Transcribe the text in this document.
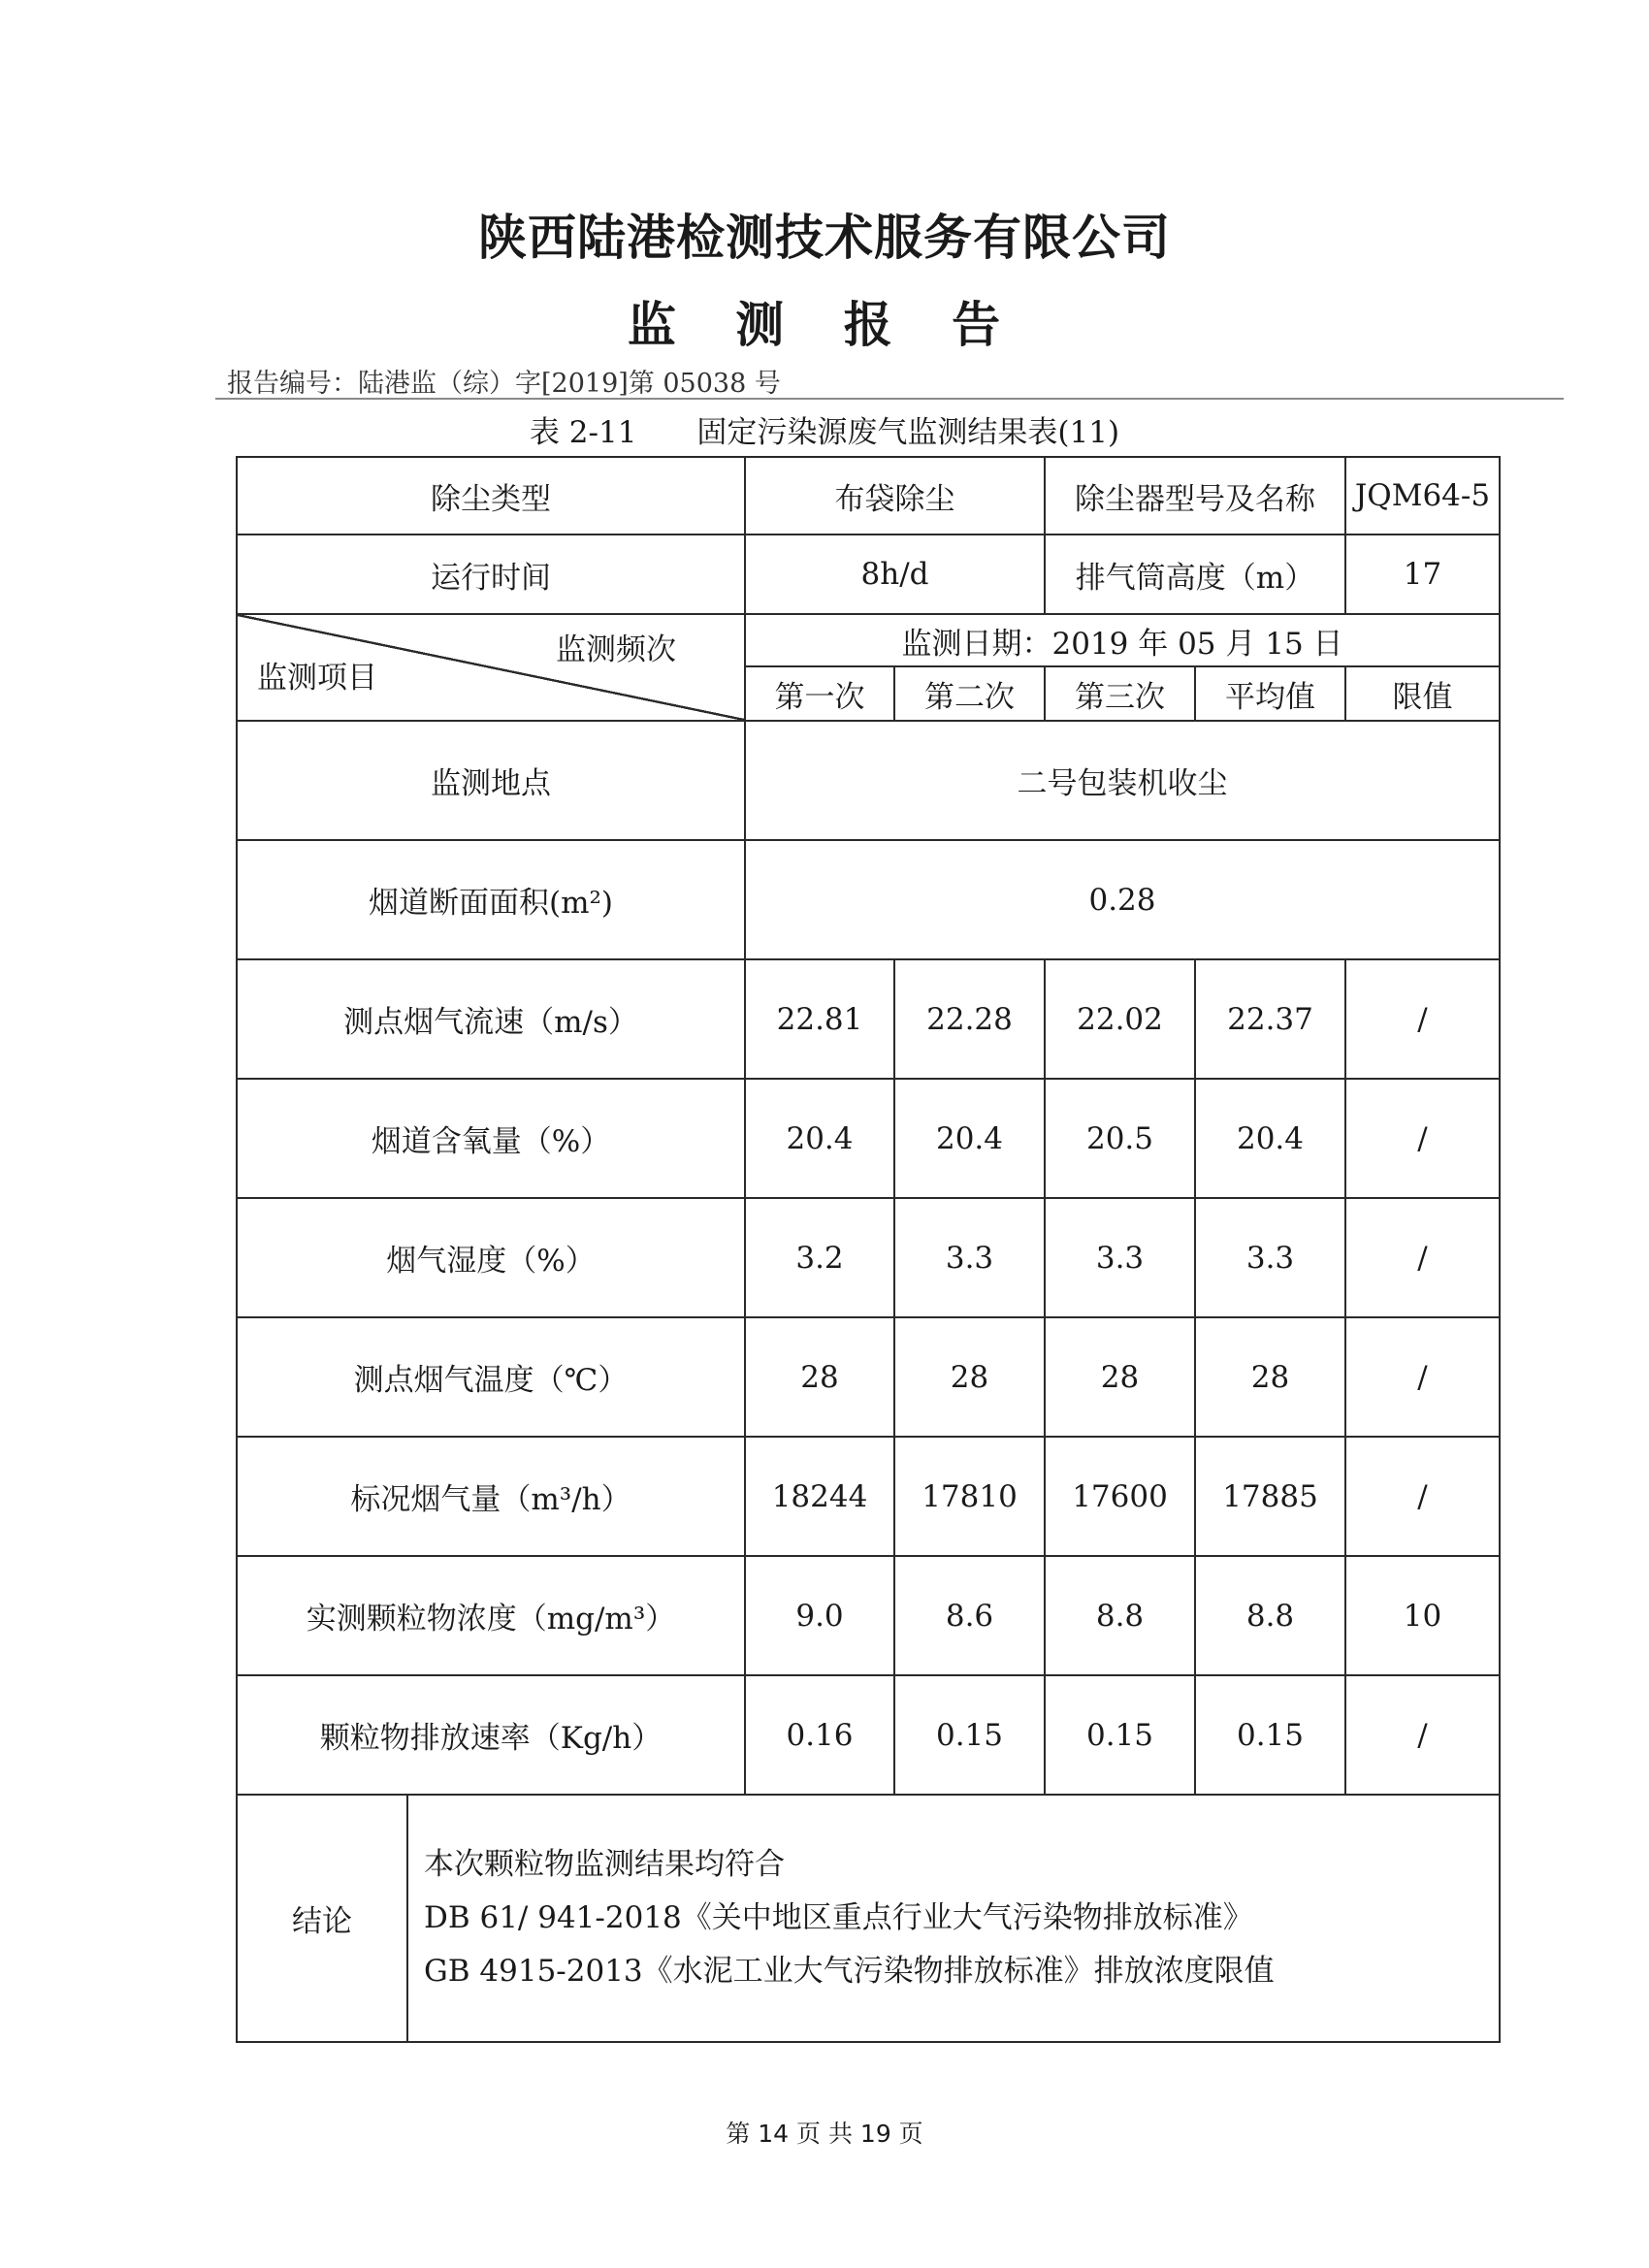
陕西陆港检测技术服务有限公司
监 测 报 告
报告编号：陆港监（综）字[2019]第 05038 号
表 2-11　　固定污染源废气监测结果表(11)
除尘类型		布袋除尘		除尘器型号及名称		JQM64-5
运行时间		8h/d		排气筒高度（m）		17

监测频次
监测项目		监测日期：2019 年 05 月 15 日				
		第一次	第二次	第三次	平均值	限值
监测地点		二号包装机收尘				
烟道断面面积(m²)		0.28				
测点烟气流速（m/s）		22.81	22.28	22.02	22.37	/
烟道含氧量（%）		20.4	20.4	20.5	20.4	/
烟气湿度（%）		3.2	3.3	3.3	3.3	/
测点烟气温度（℃）		28	28	28	28	/
标况烟气量（m³/h）		18244	17810	17600	17885	/
实测颗粒物浓度（mg/m³）		9.0	8.6	8.8	8.8	10
颗粒物排放速率（Kg/h）		0.16	0.15	0.15	0.15	/
结论	本次颗粒物监测结果均符合
DB 61/ 941-2018《关中地区重点行业大气污染物排放标准》
GB 4915-2013《水泥工业大气污染物排放标准》排放浓度限值					
第 14 页 共 19 页
